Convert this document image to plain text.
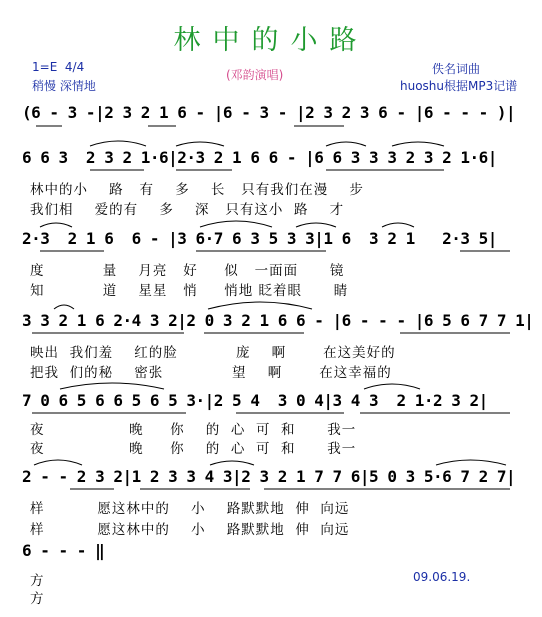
林中的小路
1=E  4/4
稍慢 深情地
(邓韵演唱)	佚名词曲
huoshu根据MP3记谱
(6 - 3 -|2 3 2 1 6 - |6 - 3 - |2 3 2 3 6 - |6 - - - )|
6 6 3  2 3 2 1·6|2·3 2 1 6 6 - |6 6 3 3 3 2 3 2 1·6|
林中的小    路   有    多    长   只有我们在漫    步
我们相    爱的有    多    深   只有这小  路    才
2·3  2 1 6  6 - |3 6·7 6 3 5 3 3|1 6  3 2 1   2·3 5|
度           量    月亮   好     似   一面面      镜
知           道    星星   悄     悄地 眨着眼      睛
3 3 2 1 6 2·4 3 2|2 0 3 2 1 6 6 - |6 - - - |6 5 6 7 7 1|
映出  我们羞    红的脸           庞    啊       在这美好的
把我  们的秘    密张             望    啊       在这幸福的
7 0 6 5 6 6 5 6 5 3·|2 5 4  3 0 4|3 4 3  2 1·2 3 2|
夜                晚     你    的  心  可  和      我一
夜                晚     你    的  心  可  和      我一
2 - - 2 3 2|1 2 3 3 4 3|2 3 2 1 7 7 6|5 0 3 5·6 7 2 7|
样          愿这林中的    小    路默默地  伸  向远
样          愿这林中的    小    路默默地  伸  向远
6 - - - ‖
方
方
09.06.19.
